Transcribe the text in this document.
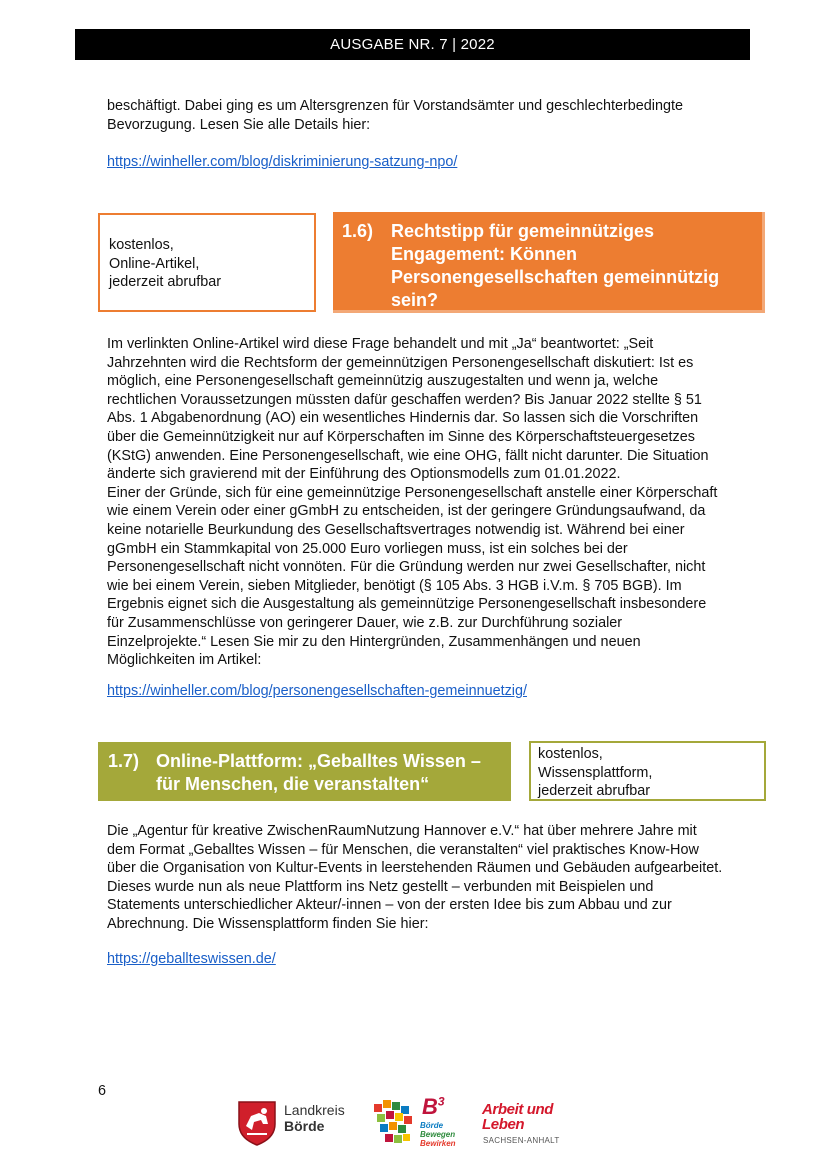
AUSGABE NR. 7 | 2022

beschäftigt. Dabei ging es um Altersgrenzen für Vorstandsämter und geschlechterbedingte
Bevorzugung. Lesen Sie alle Details hier:

https://winheller.com/blog/diskriminierung-satzung-npo/
kostenlos,
Online-Artikel,
jederzeit abrufbar
1.6) Rechtstipp für gemeinnütziges
Engagement: Können
Personengesellschaften gemeinnützig
sein?

Im verlinkten Online-Artikel wird diese Frage behandelt und mit „Ja“ beantwortet: „Seit
Jahrzehnten wird die Rechtsform der gemeinnützigen Personengesellschaft diskutiert: Ist es
möglich, eine Personengesellschaft gemeinnützig auszugestalten und wenn ja, welche
rechtlichen Voraussetzungen müssten dafür geschaffen werden? Bis Januar 2022 stellte § 51
Abs. 1 Abgabenordnung (AO) ein wesentliches Hindernis dar. So lassen sich die Vorschriften
über die Gemeinnützigkeit nur auf Körperschaften im Sinne des Körperschaftsteuergesetzes
(KStG) anwenden. Eine Personengesellschaft, wie eine OHG, fällt nicht darunter. Die Situation
änderte sich gravierend mit der Einführung des Optionsmodells zum 01.01.2022.
Einer der Gründe, sich für eine gemeinnützige Personengesellschaft anstelle einer Körperschaft
wie einem Verein oder einer gGmbH zu entscheiden, ist der geringere Gründungsaufwand, da
keine notarielle Beurkundung des Gesellschaftsvertrages notwendig ist. Während bei einer
gGmbH ein Stammkapital von 25.000 Euro vorliegen muss, ist ein solches bei der
Personengesellschaft nicht vonnöten. Für die Gründung werden nur zwei Gesellschafter, nicht
wie bei einem Verein, sieben Mitglieder, benötigt (§ 105 Abs. 3 HGB i.V.m. § 705 BGB). Im
Ergebnis eignet sich die Ausgestaltung als gemeinnützige Personengesellschaft insbesondere
für Zusammenschlüsse von geringerer Dauer, wie z.B. zur Durchführung sozialer
Einzelprojekte.“ Lesen Sie mir zu den Hintergründen, Zusammenhängen und neuen
Möglichkeiten im Artikel:

https://winheller.com/blog/personengesellschaften-gemeinnuetzig/
1.7) Online-Plattform: „Geballtes Wissen –
für Menschen, die veranstalten“
kostenlos,
Wissensplattform,
jederzeit abrufbar

Die „Agentur für kreative ZwischenRaumNutzung Hannover e.V.“ hat über mehrere Jahre mit
dem Format „Geballtes Wissen – für Menschen, die veranstalten“ viel praktisches Know-How
über die Organisation von Kultur-Events in leerstehenden Räumen und Gebäuden aufgearbeitet.
Dieses wurde nun als neue Plattform ins Netz gestellt – verbunden mit Beispielen und
Statements unterschiedlicher Akteur/-innen – von der ersten Idee bis zum Abbau und zur
Abrechnung. Die Wissensplattform finden Sie hier:

https://geballteswissen.de/
6
Landkreis
Börde
$B^3$
Börde
Bewegen
Bewirken
Arbeit und
Leben
SACHSEN-ANHALT
